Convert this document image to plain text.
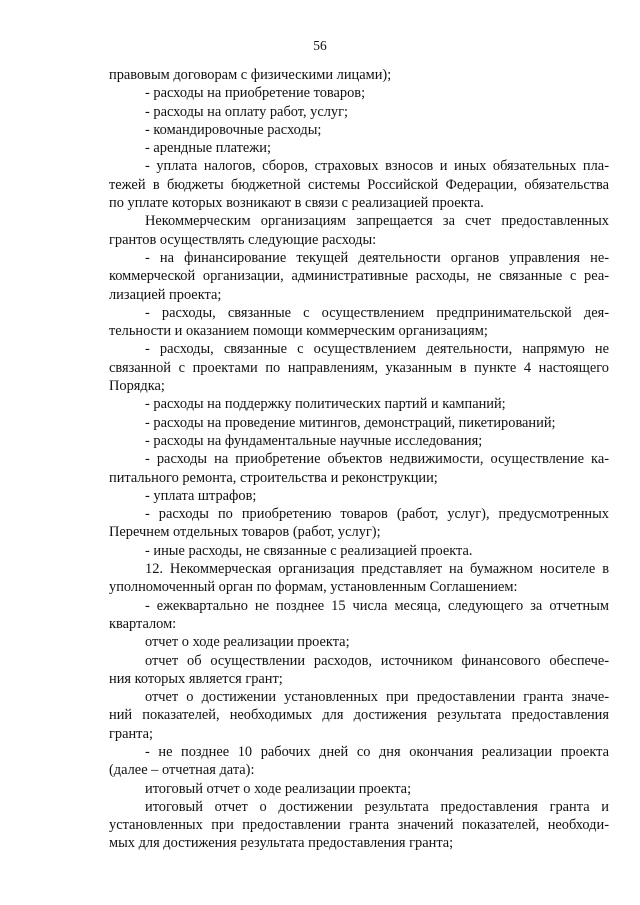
56
правовым договорам с физическими лицами);
- расходы на приобретение товаров;
- расходы на оплату работ, услуг;
- командировочные расходы;
- арендные платежи;
- уплата налогов, сборов, страховых взносов и иных обязательных пла-
тежей в бюджеты бюджетной системы Российской Федерации, обязательства
по уплате которых возникают в связи с реализацией проекта.
Некоммерческим организациям запрещается за счет предоставленных
грантов осуществлять следующие расходы:
- на финансирование текущей деятельности органов управления не-
коммерческой организации, административные расходы, не связанные с реа-
лизацией проекта;
- расходы, связанные с осуществлением предпринимательской дея-
тельности и оказанием помощи коммерческим организациям;
- расходы, связанные с осуществлением деятельности, напрямую не
связанной с проектами по направлениям, указанным в пункте 4 настоящего
Порядка;
- расходы на поддержку политических партий и кампаний;
- расходы на проведение митингов, демонстраций, пикетирований;
- расходы на фундаментальные научные исследования;
- расходы на приобретение объектов недвижимости, осуществление ка-
питального ремонта, строительства и реконструкции;
- уплата штрафов;
- расходы по приобретению товаров (работ, услуг), предусмотренных
Перечнем отдельных товаров (работ, услуг);
- иные расходы, не связанные с реализацией проекта.
12. Некоммерческая организация представляет на бумажном носителе в
уполномоченный орган по формам, установленным Соглашением:
- ежеквартально не позднее 15 числа месяца, следующего за отчетным
кварталом:
отчет о ходе реализации проекта;
отчет об осуществлении расходов, источником финансового обеспече-
ния которых является грант;
отчет о достижении установленных при предоставлении гранта значе-
ний показателей, необходимых для достижения результата предоставления
гранта;
- не позднее 10 рабочих дней со дня окончания реализации проекта
(далее – отчетная дата):
итоговый отчет о ходе реализации проекта;
итоговый отчет о достижении результата предоставления гранта и
установленных при предоставлении гранта значений показателей, необходи-
мых для достижения результата предоставления гранта;
